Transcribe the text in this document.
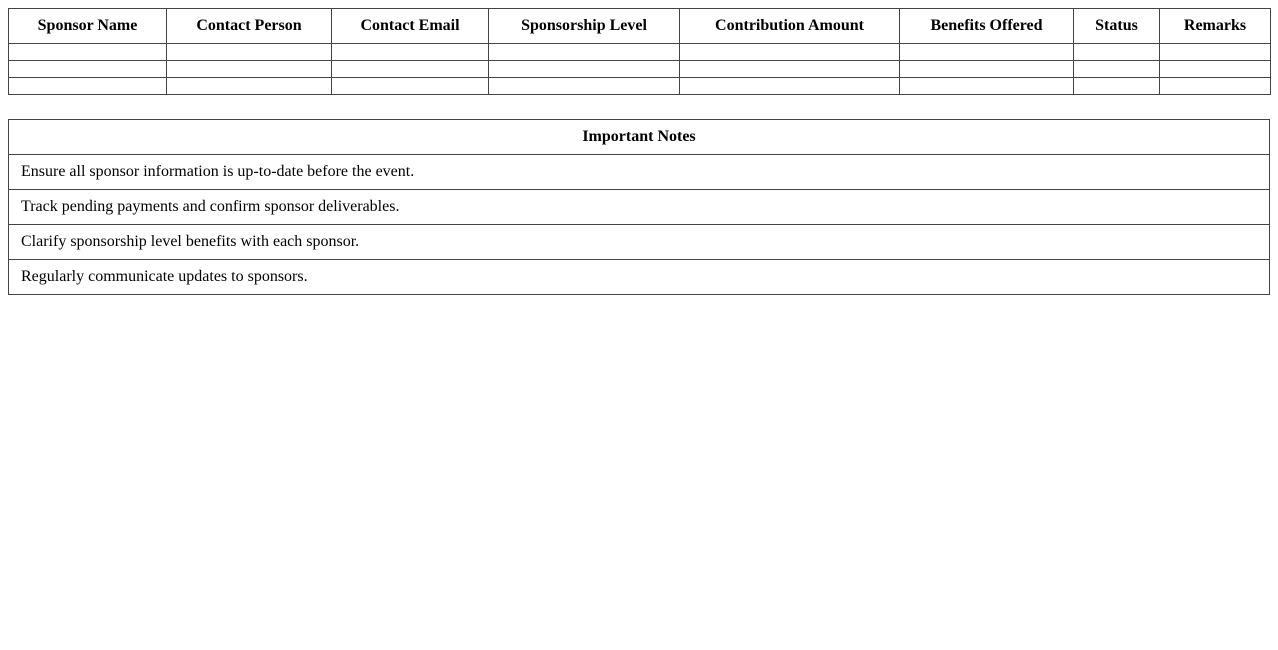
Sponsor Name	Contact Person	Contact Email	Sponsorship Level	Contribution Amount	Benefits Offered	Status	Remarks

Important Notes
Ensure all sponsor information is up-to-date before the event.
Track pending payments and confirm sponsor deliverables.
Clarify sponsorship level benefits with each sponsor.
Regularly communicate updates to sponsors.
